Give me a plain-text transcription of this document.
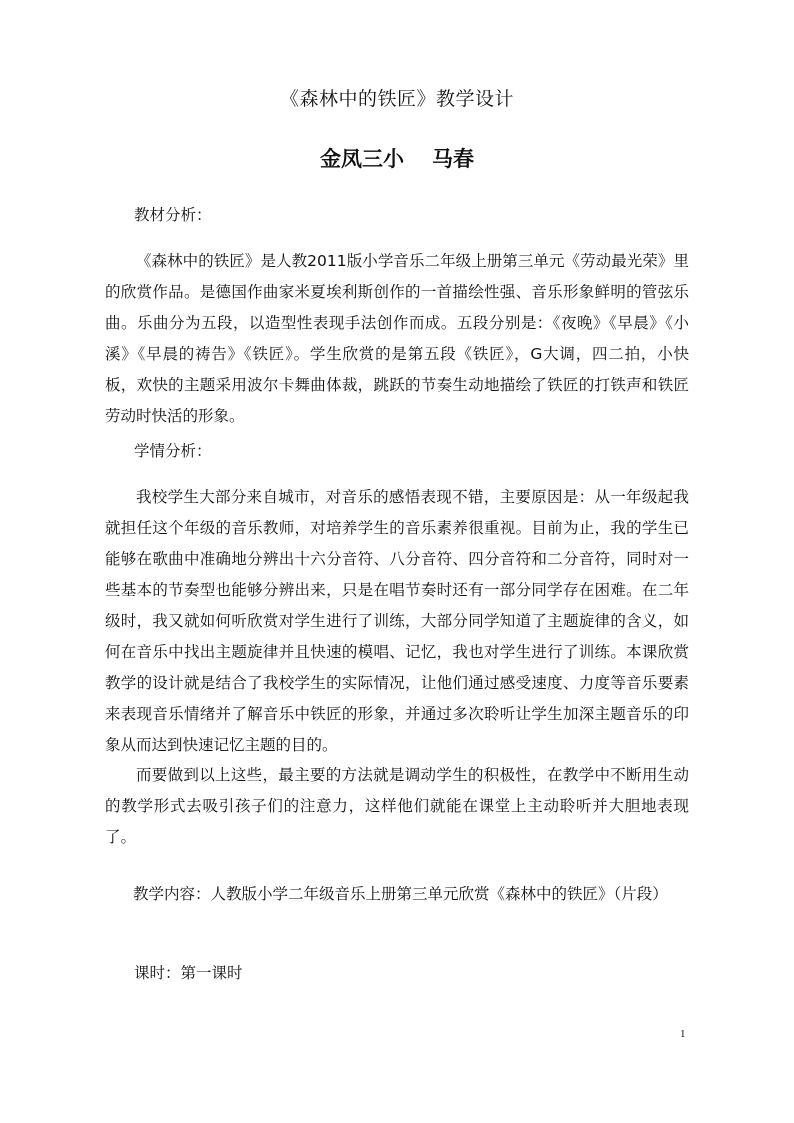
《森林中的铁匠》教学设计
金凤三小 马春
教材分析：
《森林中的铁匠》是人教2011版小学音乐二年级上册第三单元《劳动最光荣》里的欣赏作品。是德国作曲家米夏埃利斯创作的一首描绘性强、音乐形象鲜明的管弦乐曲。乐曲分为五段，以造型性表现手法创作而成。五段分别是：《夜晚》《早晨》《小溪》《早晨的祷告》《铁匠》。学生欣赏的是第五段《铁匠》，G大调，四二拍，小快板，欢快的主题采用波尔卡舞曲体裁，跳跃的节奏生动地描绘了铁匠的打铁声和铁匠劳动时快活的形象。
学情分析：
我校学生大部分来自城市，对音乐的感悟表现不错，主要原因是：从一年级起我就担任这个年级的音乐教师，对培养学生的音乐素养很重视。目前为止，我的学生已能够在歌曲中准确地分辨出十六分音符、八分音符、四分音符和二分音符，同时对一些基本的节奏型也能够分辨出来，只是在唱节奏时还有一部分同学存在困难。在二年级时，我又就如何听欣赏对学生进行了训练，大部分同学知道了主题旋律的含义，如何在音乐中找出主题旋律并且快速的模唱、记忆，我也对学生进行了训练。本课欣赏教学的设计就是结合了我校学生的实际情况，让他们通过感受速度、力度等音乐要素来表现音乐情绪并了解音乐中铁匠的形象，并通过多次聆听让学生加深主题音乐的印象从而达到快速记忆主题的目的。
而要做到以上这些，最主要的方法就是调动学生的积极性，在教学中不断用生动的教学形式去吸引孩子们的注意力，这样他们就能在课堂上主动聆听并大胆地表现了。
教学内容：人教版小学二年级音乐上册第三单元欣赏《森林中的铁匠》（片段）
课时：第一课时
1
